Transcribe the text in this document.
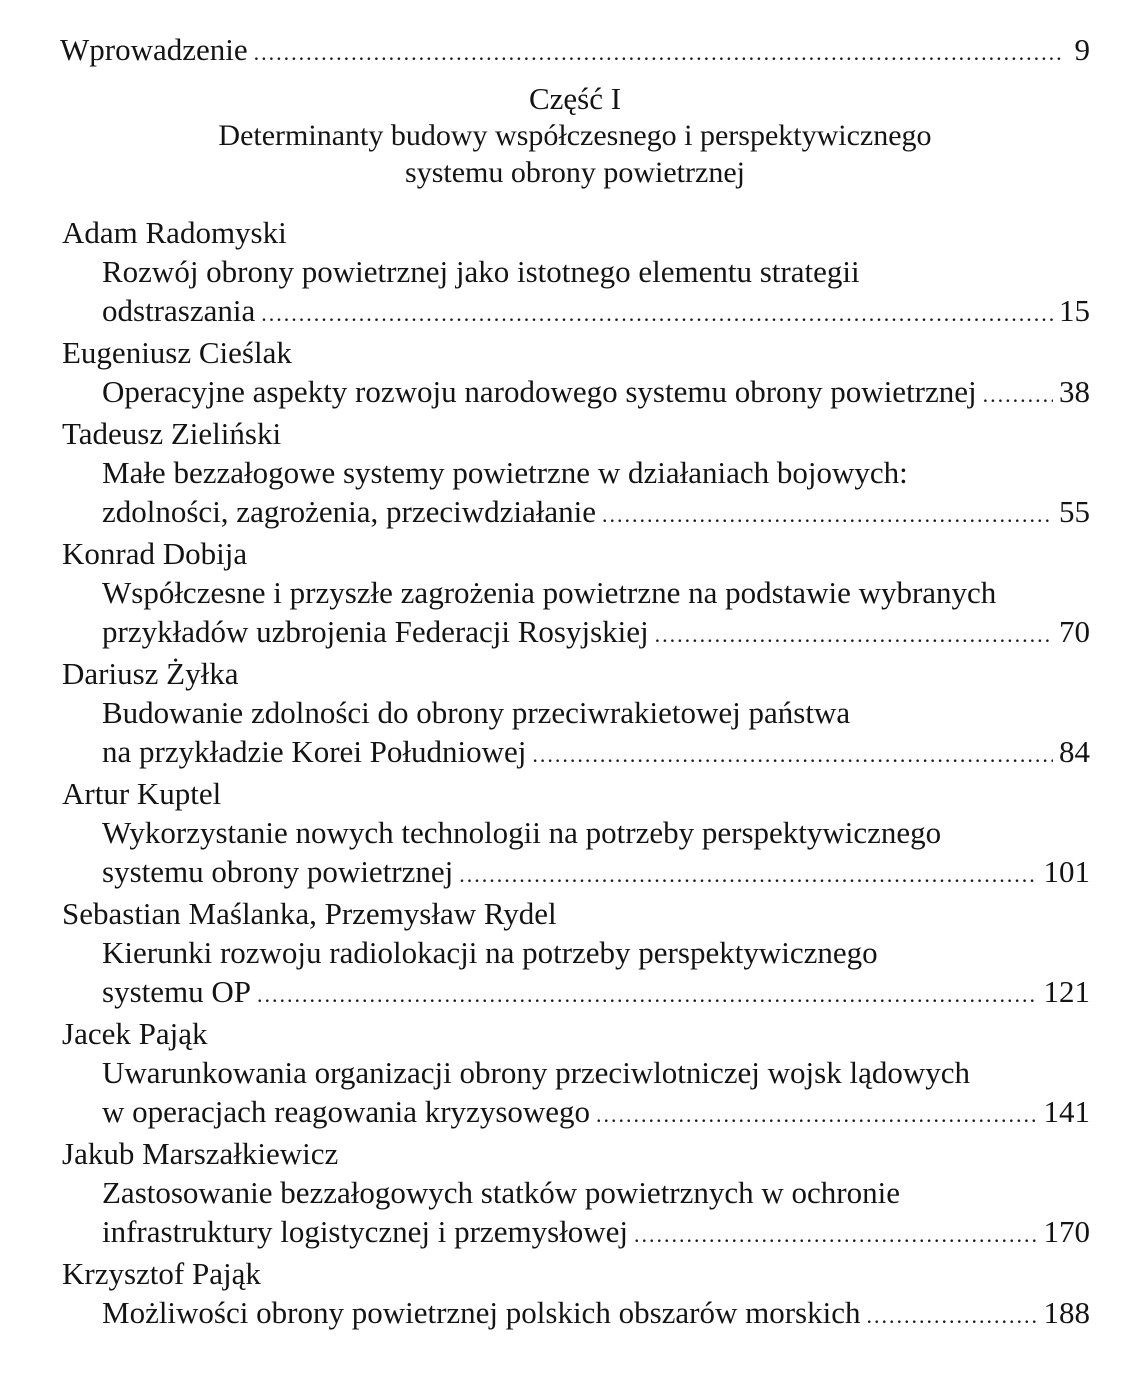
Wprowadzenie .....	9
Część I
Determinanty budowy współczesnego i perspektywicznego
systemu obrony powietrznej
Adam Radomyski
Rozwój obrony powietrznej jako istotnego elementu strategii
odstraszania .....	15
Eugeniusz Cieślak
Operacyjne aspekty rozwoju narodowego systemu obrony powietrznej .....	38
Tadeusz Zieliński
Małe bezzałogowe systemy powietrzne w działaniach bojowych:
zdolności, zagrożenia, przeciwdziałanie .....	55
Konrad Dobija
Współczesne i przyszłe zagrożenia powietrzne na podstawie wybranych
przykładów uzbrojenia Federacji Rosyjskiej .....	70
Dariusz Żyłka
Budowanie zdolności do obrony przeciwrakietowej państwa
na przykładzie Korei Południowej .....	84
Artur Kuptel
Wykorzystanie nowych technologii na potrzeby perspektywicznego
systemu obrony powietrznej .....	101
Sebastian Maślanka, Przemysław Rydel
Kierunki rozwoju radiolokacji na potrzeby perspektywicznego
systemu OP .....	121
Jacek Pająk
Uwarunkowania organizacji obrony przeciwlotniczej wojsk lądowych
w operacjach reagowania kryzysowego .....	141
Jakub Marszałkiewicz
Zastosowanie bezzałogowych statków powietrznych w ochronie
infrastruktury logistycznej i przemysłowej .....	170
Krzysztof Pająk
Możliwości obrony powietrznej polskich obszarów morskich .....	188
